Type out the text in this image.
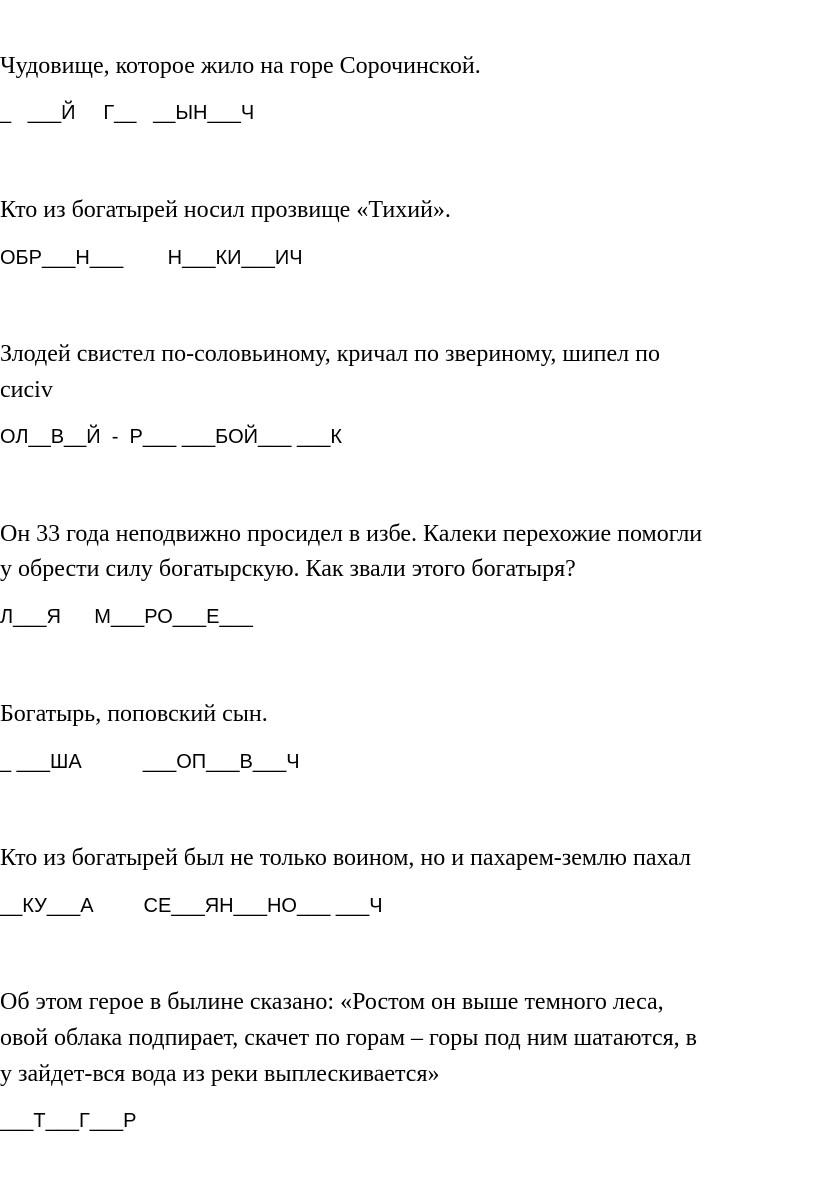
Чудовище, которое жило на горе Сорочинской.

_   ___Й     Г__   __ЫН___Ч

Кто из богатырей носил прозвище «Тихий».

ОБР___Н___        Н___КИ___ИЧ

Злодей свистел по-соловьиному, кричал по звериному, шипел по

сиciv

ОЛ__В__Й  -  Р___ ___БОЙ___ ___К

Он 33 года неподвижно просидел в избе. Калеки перехожие помогли

у обрести силу богатырскую. Как звали этого богатыря?

Л___Я      М___РО___Е___

Богатырь, поповский сын.

_ ___ША           ___ОП___В___Ч

Кто из богатырей был не только воином, но и пахарем-землю пахал

__КУ___А         СЕ___ЯН___НО___ ___Ч

Об этом герое в былине сказано: «Ростом он выше темного леса,

овой облака подпирает, скачет по горам – горы под ним шатаются, в

у зайдет-вся вода из реки выплескивается»

___Т___Г___Р
